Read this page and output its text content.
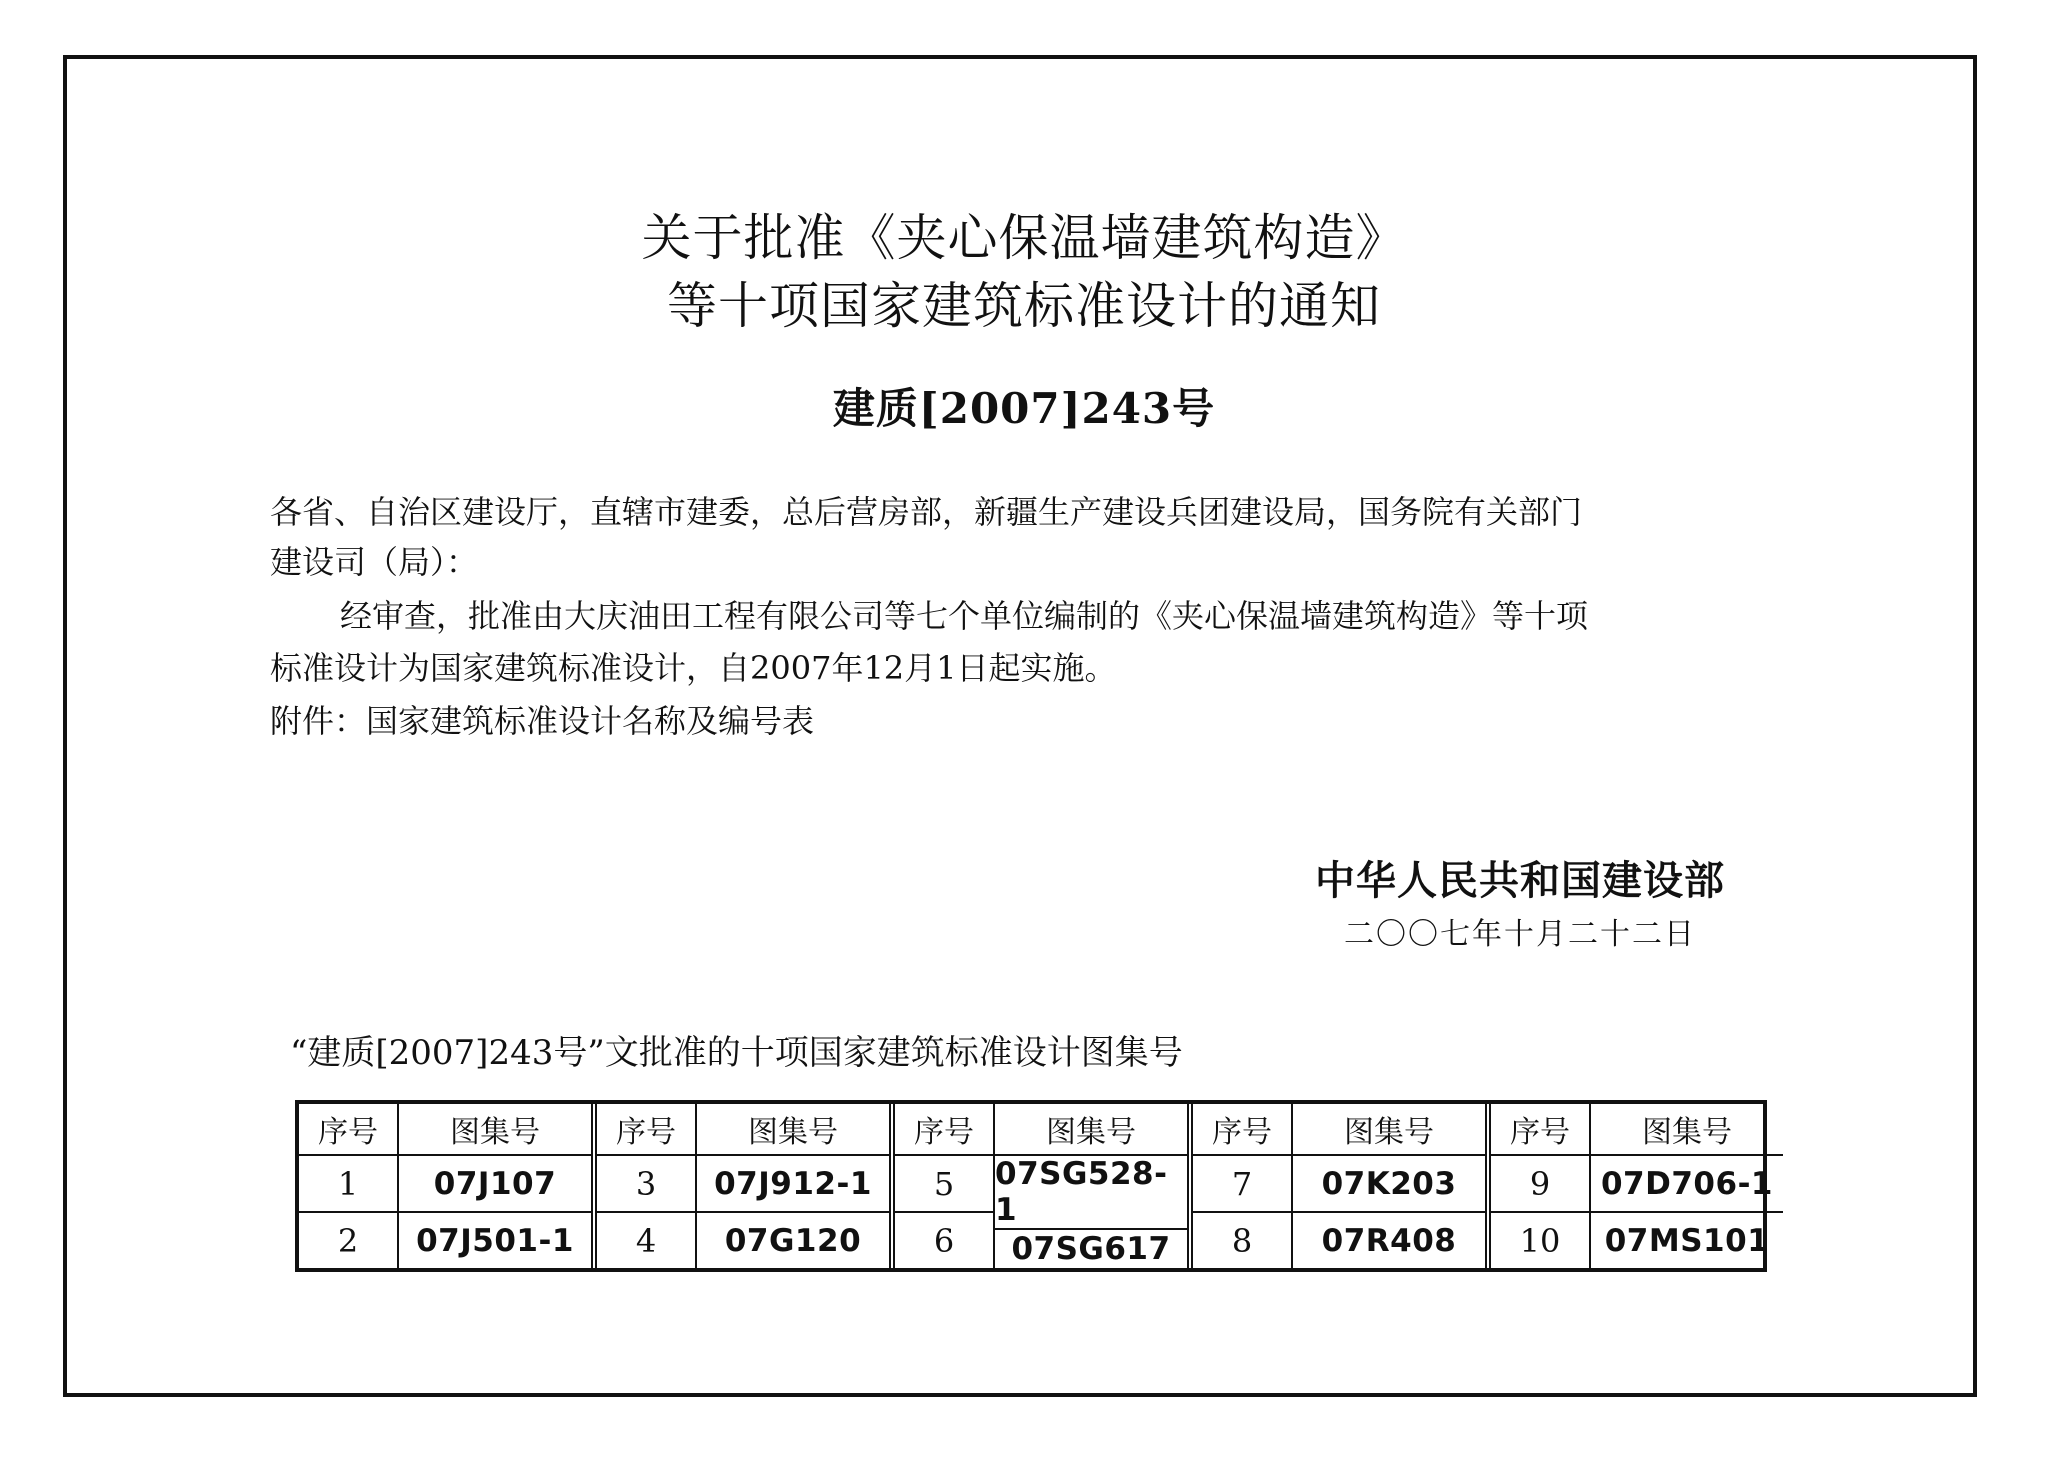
关于批准《夹心保温墙建筑构造》
等十项国家建筑标准设计的通知
建质[2007]243号
各省、自治区建设厅，直辖市建委，总后营房部，新疆生产建设兵团建设局，国务院有关部门
建设司（局）：
经审查，批准由大庆油田工程有限公司等七个单位编制的《夹心保温墙建筑构造》等十项
标准设计为国家建筑标准设计，自2007年12月1日起实施。
附件：国家建筑标准设计名称及编号表
中华人民共和国建设部
二〇〇七年十月二十二日
“建质[2007]243号”文批准的十项国家建筑标准设计图集号
序号
1
2
图集号
07J107
07J501-1
序号
3
4
图集号
07J912-1
07G120
序号
5
6
图集号
07SG528-1
07SG617
序号
7
8
图集号
07K203
07R408
序号
9
10
图集号
07D706-1
07MS101
